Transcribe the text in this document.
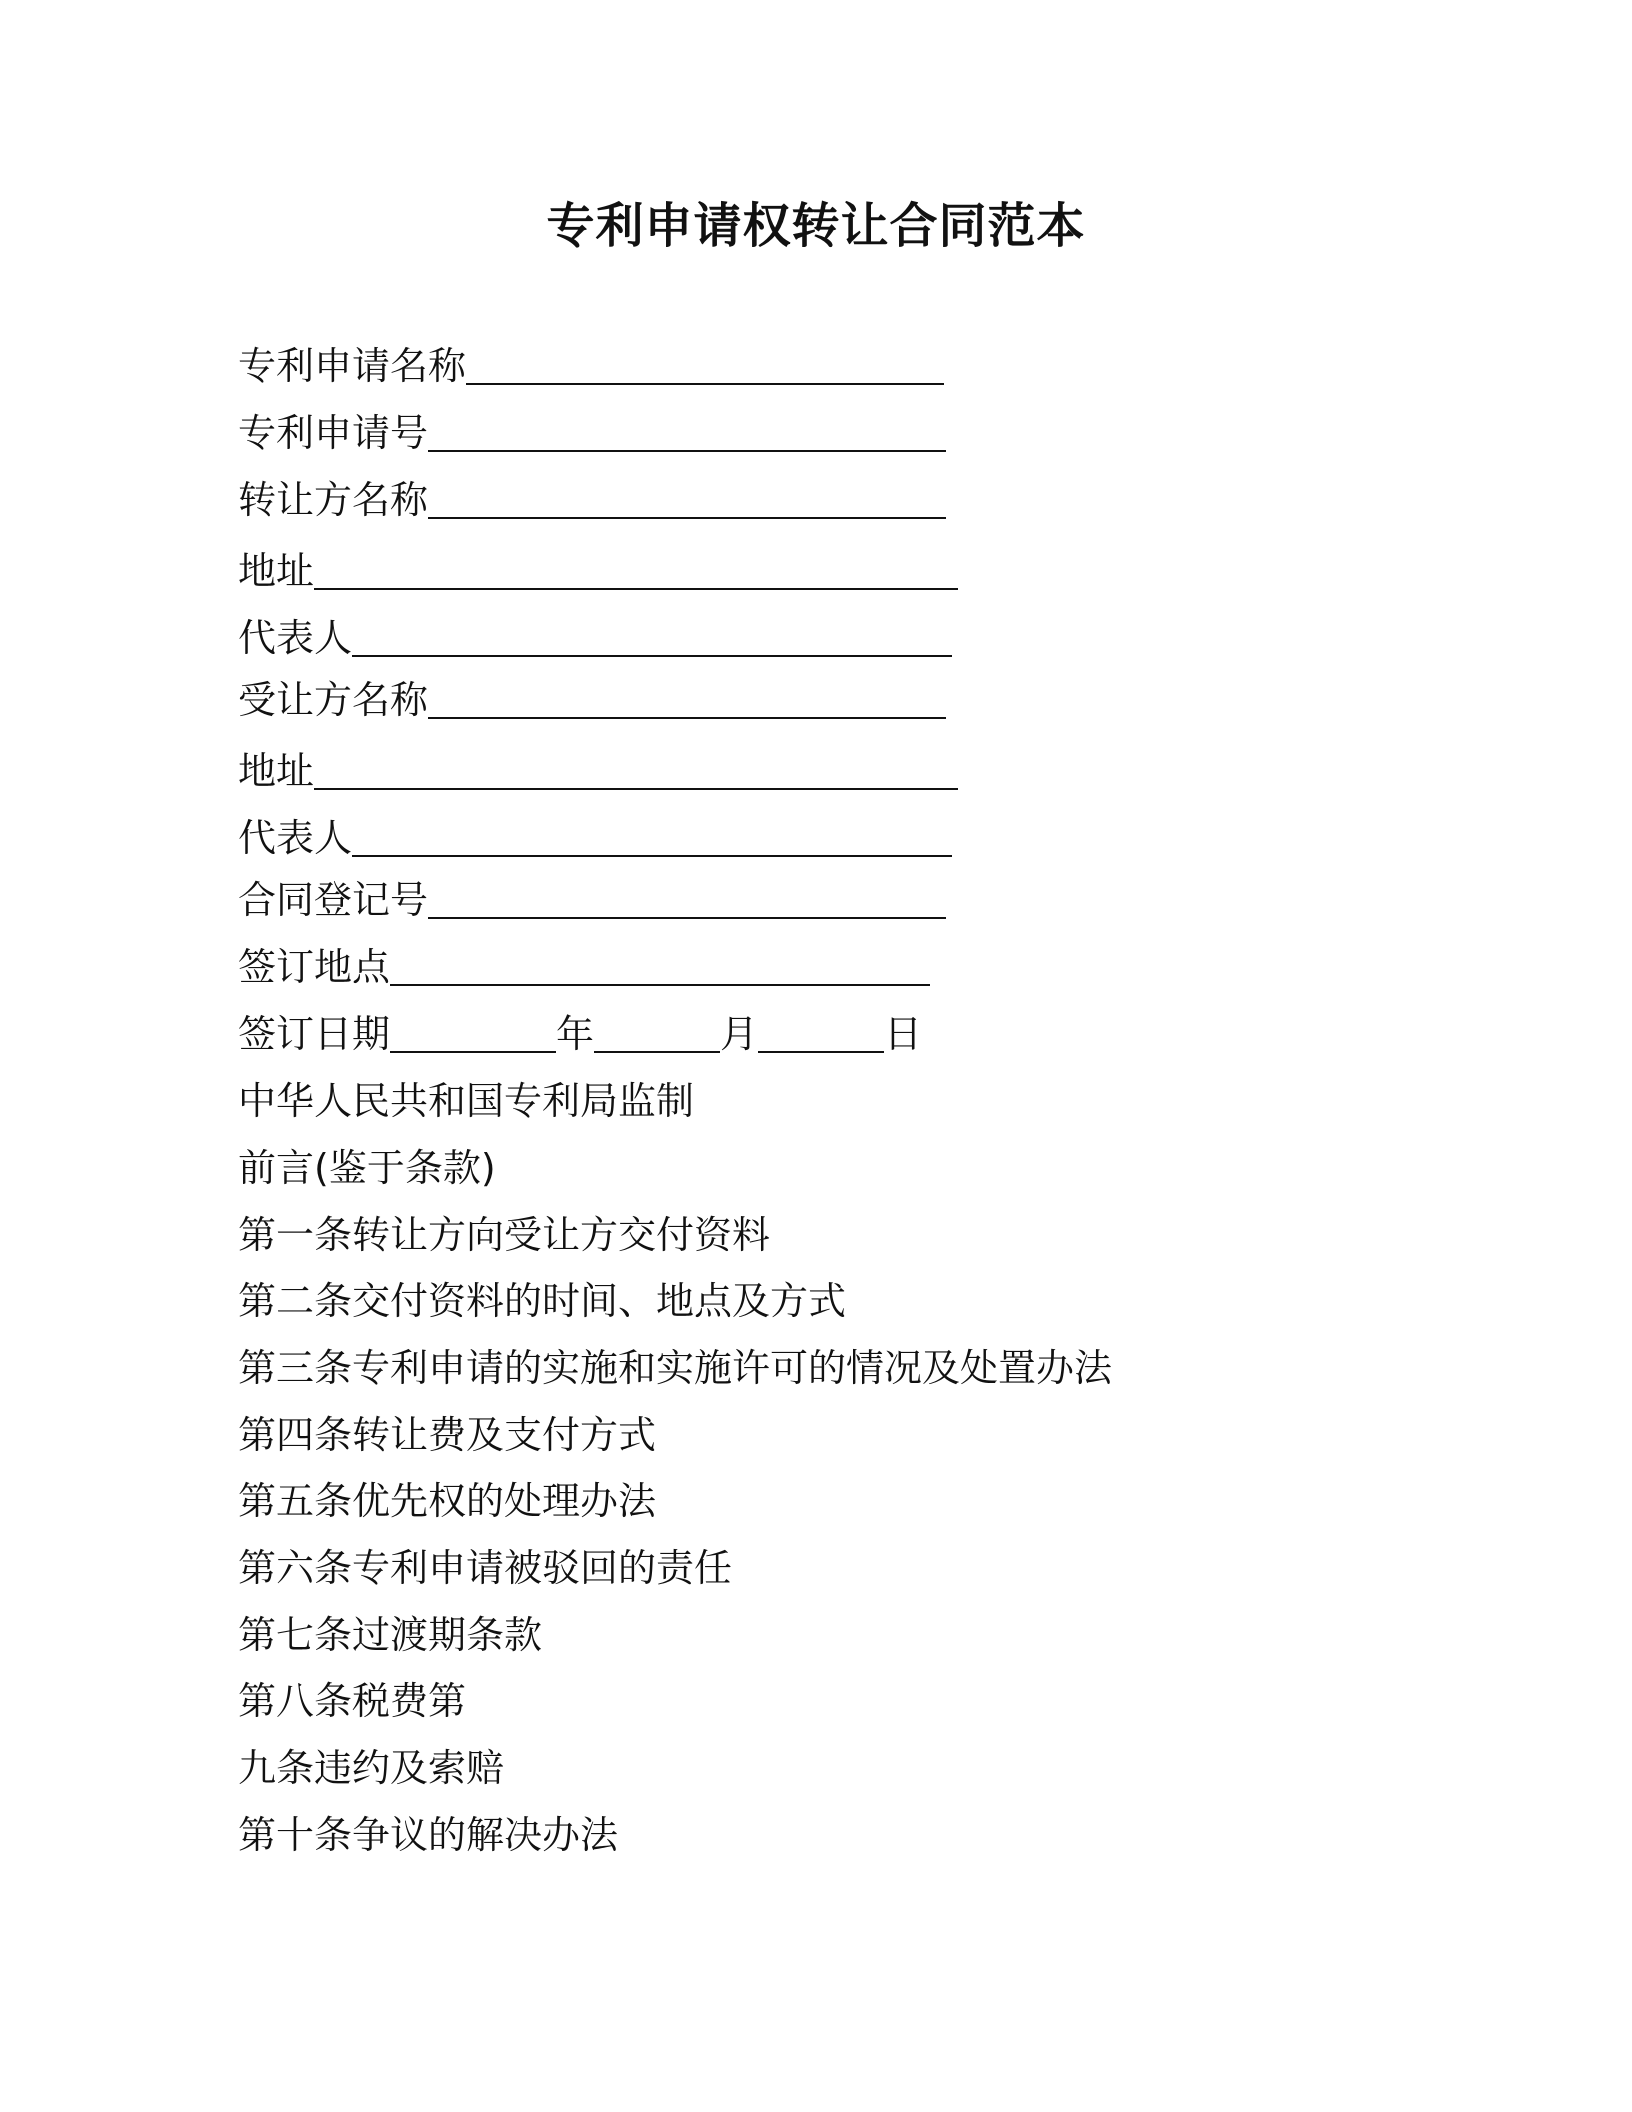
专利申请权转让合同范本
专利申请名称
专利申请号
转让方名称
地址
代表人
受让方名称
地址
代表人
合同登记号
签订地点
签订日期	年	月	日
中华人民共和国专利局监制
前言(鉴于条款)
第一条转让方向受让方交付资料
第二条交付资料的时间、地点及方式
第三条专利申请的实施和实施许可的情况及处置办法
第四条转让费及支付方式
第五条优先权的处理办法
第六条专利申请被驳回的责任
第七条过渡期条款
第八条税费第
九条违约及索赔
第十条争议的解决办法
